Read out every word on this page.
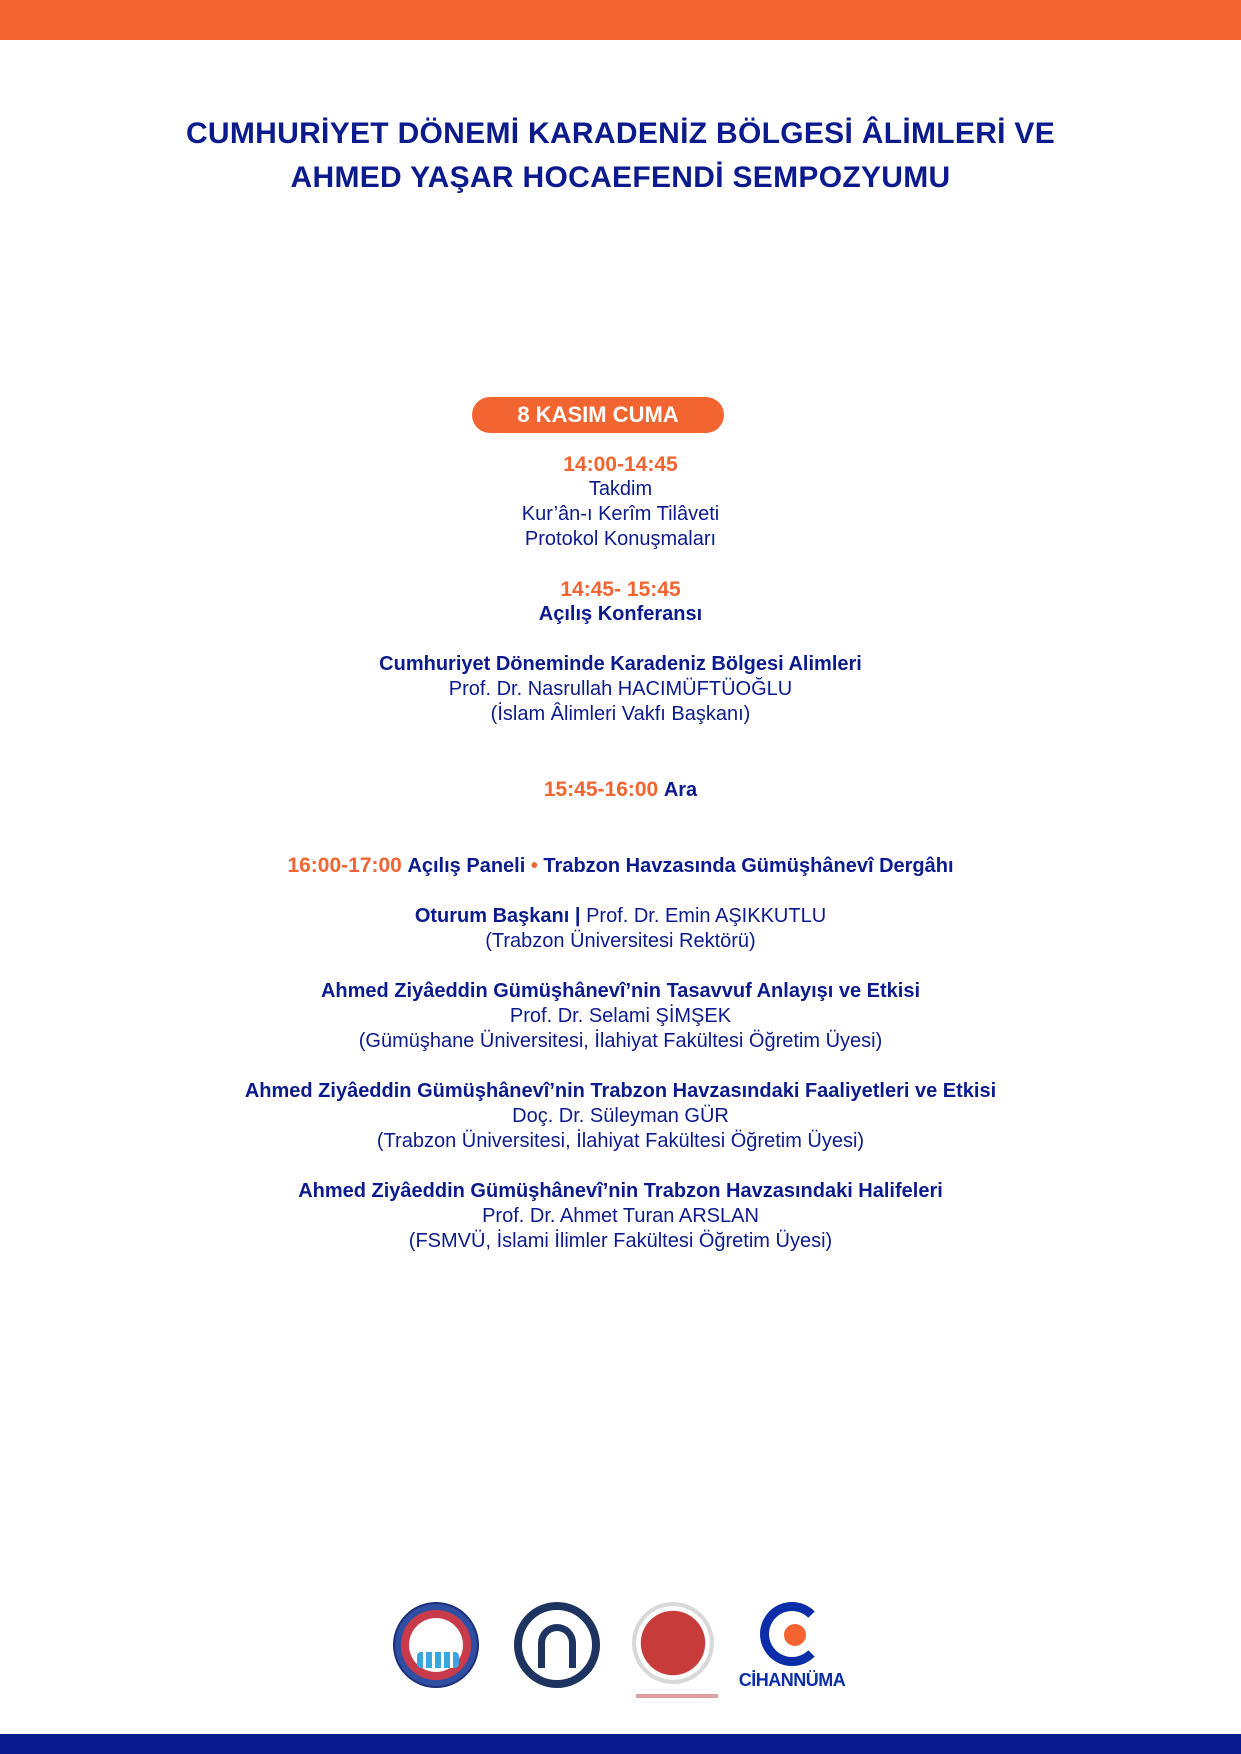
CUMHURİYET DÖNEMİ KARADENİZ BÖLGESİ ÂLİMLERİ VE
AHMED YAŞAR HOCAEFENDİ SEMPOZYUMU
8 KASIM CUMA
14:00-14:45
Takdim
Kur’ân-ı Kerîm Tilâveti
Protokol Konuşmaları
14:45- 15:45
Açılış Konferansı
Cumhuriyet Döneminde Karadeniz Bölgesi Alimleri
Prof. Dr. Nasrullah HACIMÜFTÜOĞLU
(İslam Âlimleri Vakfı Başkanı)
15:45-16:00 Ara
16:00-17:00 Açılış Paneli • Trabzon Havzasında Gümüşhânevî Dergâhı
Oturum Başkanı | Prof. Dr. Emin AŞIKKUTLU
(Trabzon Üniversitesi Rektörü)
Ahmed Ziyâeddin Gümüşhânevî’nin Tasavvuf Anlayışı ve Etkisi
Prof. Dr. Selami ŞİMŞEK
(Gümüşhane Üniversitesi, İlahiyat Fakültesi Öğretim Üyesi)
Ahmed Ziyâeddin Gümüşhânevî’nin Trabzon Havzasındaki Faaliyetleri ve Etkisi
Doç. Dr. Süleyman GÜR
(Trabzon Üniversitesi, İlahiyat Fakültesi Öğretim Üyesi)
Ahmed Ziyâeddin Gümüşhânevî’nin Trabzon Havzasındaki Halifeleri
Prof. Dr. Ahmet Turan ARSLAN
(FSMVÜ, İslami İlimler Fakültesi Öğretim Üyesi)
CİHANNÜMA
